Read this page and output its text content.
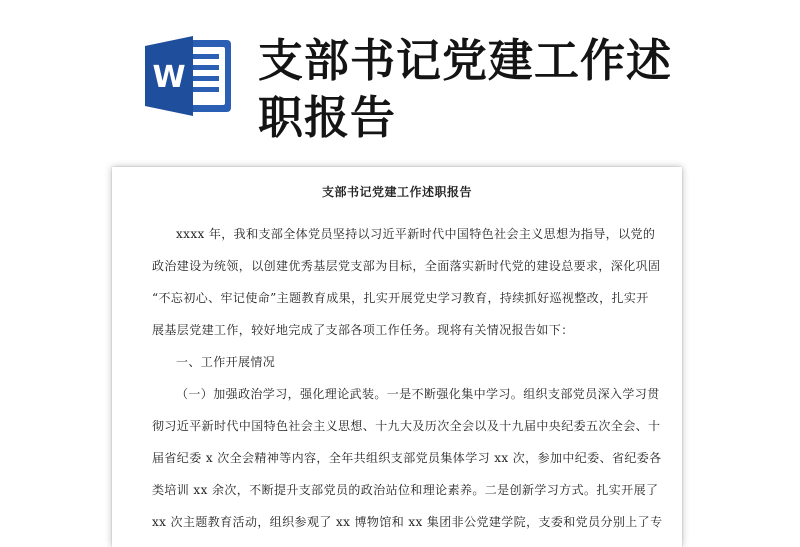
W 支部书记党建工作述
职报告
支部书记党建工作述职报告
xxxx 年，我和支部全体党员坚持以习近平新时代中国特色社会主义思想为指导，以党的
政治建设为统领，以创建优秀基层党支部为目标，全面落实新时代党的建设总要求，深化巩固
“不忘初心、牢记使命”主题教育成果，扎实开展党史学习教育，持续抓好巡视整改，扎实开
展基层党建工作，较好地完成了支部各项工作任务。现将有关情况报告如下：
一、工作开展情况
（一）加强政治学习，强化理论武装。一是不断强化集中学习。组织支部党员深入学习贯
彻习近平新时代中国特色社会主义思想、十九大及历次全会以及十九届中央纪委五次全会、十
届省纪委 x 次全会精神等内容，全年共组织支部党员集体学习 xx 次，参加中纪委、省纪委各
类培训 xx 余次，不断提升支部党员的政治站位和理论素养。二是创新学习方式。扎实开展了
xx 次主题教育活动，组织参观了 xx 博物馆和 xx 集团非公党建学院，支委和党员分别上了专
